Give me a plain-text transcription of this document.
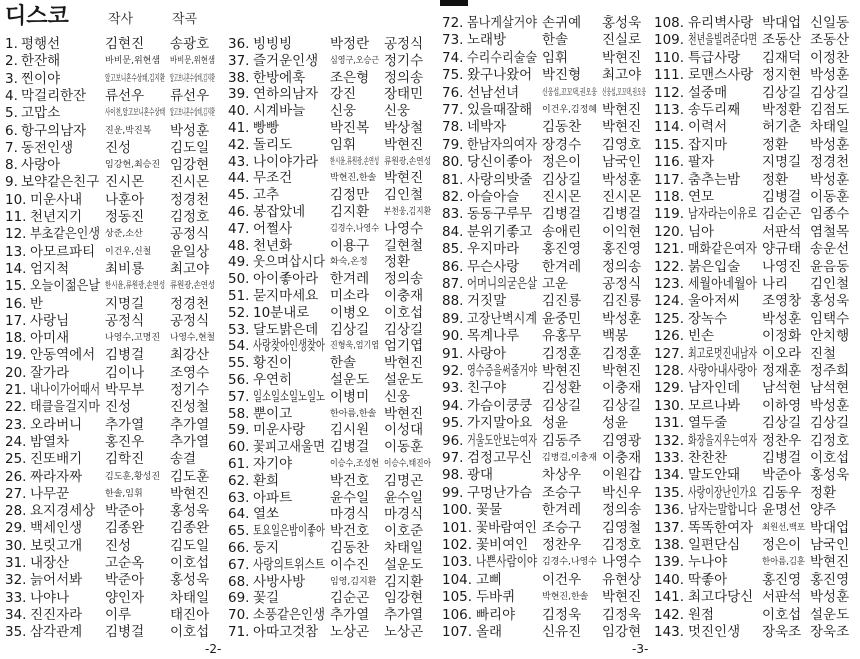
디스코	작사	작곡
1. 평행선	김현진 송광호
2. 한잔해	바비문,위현샘 바비문,위현샘
3. 찐이야	알고보니혼수상태,김지환 알고보니혼수상태,김지환
4. 막걸리한잔 류선우 류선우
5. 고맙소	사이천,알고보니혼수상태 알고보니혼수상태,김지환
6. 항구의남자 진운,박진복 박성훈
7. 동전인생 진성	김도일
8. 사랑아	임강현,최승진 임강현
9. 보약같은친구 진시몬 진시몬
10. 미운사내 나훈아 정경천
11. 천년지기 정동진 김정호
12. 부초같은인생 상준,소산 공정식
13. 아모르파티 이건우,신철 윤일상
14. 엄지척	최비룡 최고야
15. 오늘이젊은날 한시윤,류원광,손연성 류원광,손연성
16. 반	지명길 정경천
17. 사랑님	공정식 공정식
18. 아미새	나영수,고명진 나영수,현철
19. 안동역에서 김병걸 최강산
20. 잘가라	김이나 조영수
21. 내나이가어때서 박무부 정기수
22. 태클을걸지마 진성	진성철
23. 오라버니 추가열 추가열
24. 밤열차	홍진우 추가열
25. 진또배기 김학진 송결
26. 짜라자짜	김도훈,황성진 김도훈
27. 나무꾼	한솔,임휘 박현진
28. 요지경세상 박준아 홍성욱
29. 백세인생 김종완 김종완
30. 보릿고개 진성	김도일
31. 내장산	고순옥 이호섭
32. 늙어서봐 박준아 홍성욱
33. 나야나	양인자 차태일
34. 진진자라 이루	태진아
35. 삼각관계 김병걸 이호섭
36. 빙빙빙	박정란 공정식
37. 즐거운인생 심영구,오승근 정기수
38. 한방에훅 조은형 정의송
39. 연하의남자 강진 장태민
40. 시계바늘 신웅 신웅
41. 빵빵	박진복 박상철
42. 돌리도	임휘 박현진
43. 나이야가라 한시윤,류원광,손연성 류원광,손연성
44. 무조건	박현진,한솔 박현진
45. 고추	김정만 김인철
46. 봉잡았네 김지환 부천웅,김지환
47. 어쩔사	김경수,나영수 나영수
48. 천년화	이용구 길현철
49. 웃으며삽시다 화숙,온정 정환
50. 아이좋아라 한겨레 정의송
51. 묻지마세요 미소라 이충재
52. 10분내로 이병오 이호섭
53. 달도밝은데 김상길 김상길
54. 사랑찾아인생찾아 진형욱,엄기엽 엄기엽
55. 황진이	한솔 박현진
56. 우연히	설운도 설운도
57. 일소일소일노일노 이병미 신웅
58. 뿐이고	한아름,한솔 박현진
59. 미운사랑 김시원 이성대
60. 꽃피고새울면 김병걸 이동훈
61. 자기야	이승수,조성현 이승수,태진아
62. 환희	박건호 김명곤
63. 아파트	윤수일 윤수일
64. 열쏘	마경식 마경식
65. 토요일은밤이좋아 박건호 이호준
66. 둥지	김동찬 차태일
67. 사랑의트위스트 이수진 설운도
68. 사방사방	임영,김지환 김지환
69. 꽃길	김순곤 임강현
70. 소풍같은인생 추가열 추가열
71. 아따고것참 노상곤 노상곤
72. 몸나게살거야 손귀예 홍성욱
73. 노래방	한솔	진실로
74. 수리수리술술 임휘	박현진
75. 왔구나왔어 박진형 최고야
76. 선남선녀	신웅섭,꼬꼬댁,권오웅 신웅섭,꼬꼬댁,권오웅
77. 있을때잘해 이건우,김정혜 박현진
78. 네박자	김동찬 박현진
79. 한남자의여자 장경수 김영호
80. 당신이좋아 정은이 남국인
81. 사랑의밧줄 김상길 박성훈
82. 아슬아슬 진시몬 진시몬
83. 동동구루무 김병걸 김병걸
84. 분위기좋고 송애린 이익현
85. 우지마라 홍진영 홍진영
86. 무슨사랑 한겨레 정의송
87. 어머니의굳은살 고운	공정식
88. 거짓말	김진룡 김진룡
89. 고장난벽시계 윤중민 박성훈
90. 목계나루 유홍무 백봉
91. 사랑아	김정훈 김정훈
92. 영수증을써줄거야 박현진 박현진
93. 친구야	김성환 이충재
94. 가슴이쿵쿵 김상길 김상길
95. 가지말아요 성윤	성윤
96. 거울도안보는여자 김동주 김영광
97. 검정고무신 김병걸,이충재 이충재
98. 광대	차상우 이원갑
99. 구멍난가슴 조승구 박신우
100. 꽃물	한겨레 정의송
101. 꽃바람여인 조승구 김영철
102. 꽃비여인 정찬우 김정호
103. 나쁜사람이야 김경수,나영수 나영수
104. 고삐	이건우 유현상
105. 두바퀴	박현진,한솔 박현진
106. 빠리야 김정욱 김정욱
107. 올래	신유진 임강현
108. 유리벽사랑 박대업 신일동
109. 천년을빌려준다면 조동산 조동산
110. 특급사랑 김재덕 이정찬
111. 로맨스사랑 정지현 박성훈
112. 설중매	김상길 김상길
113. 송두리째 박정환 김점도
114. 이력서	허기춘 차태일
115. 잡지마	정환 박성훈
116. 팔자	지명길 정경천
117. 춤추는밤 정환 박성훈
118. 연모	김병걸 이동훈
119. 남자라는이유로 김순곤 임종수
120. 님아	서판석 염철목
121. 매화같은여자 양규태 송운선
122. 붉은입술 나영진 윤음동
123. 세월아네월아 나리 김인철
124. 울아저씨 조영창 홍성욱
125. 장녹수	박성훈 임택수
126. 빈손	이정화 안치행
127. 최고로멋진내남자 이오라 진철
128. 사랑아내사랑아 정재훈 정주희
129. 남자인데 남석현 남석현
130. 모르나봐 이하영 박성훈
131. 열두줄	김상길 김상길
132. 화장을지우는여자 정찬우 김정호
133. 찬찬찬	김병걸 이호섭
134. 말도안돼 박준아 홍성욱
135. 사랑이장난인가요 김동우 정환
136. 남자는말합니다 윤명선 양주
137. 똑똑한여자 최원선,백포 박대업
138. 일편단심 정은이 남국인
139. 누나야	한아름,김훈 박현진
140. 딱좋아	홍진영 홍진영
141. 최고다당신 서판석 박성훈
142. 원점	이호섭 설운도
143. 멋진인생 장욱조 장욱조
-2-	-3-
